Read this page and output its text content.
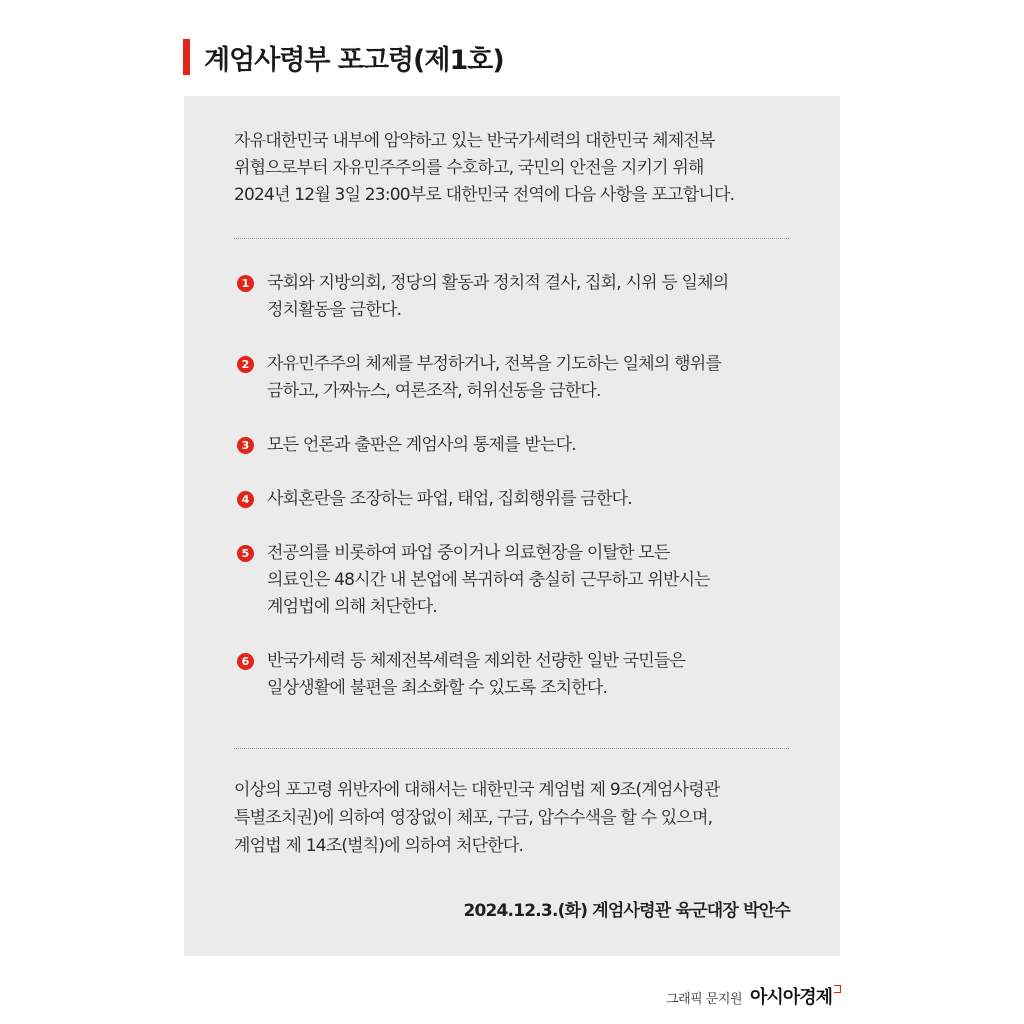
계엄사령부 포고령(제1호)
자유대한민국 내부에 암약하고 있는 반국가세력의 대한민국 체제전복
위협으로부터 자유민주주의를 수호하고, 국민의 안전을 지키기 위해
2024년 12월 3일 23:00부로 대한민국 전역에 다음 사항을 포고합니다.
1 국회와 지방의회, 정당의 활동과 정치적 결사, 집회, 시위 등 일체의
정치활동을 금한다.
2 자유민주주의 체제를 부정하거나, 전복을 기도하는 일체의 행위를
금하고, 가짜뉴스, 여론조작, 허위선동을 금한다.
3 모든 언론과 출판은 계엄사의 통제를 받는다.
4 사회혼란을 조장하는 파업, 태업, 집회행위를 금한다.
5 전공의를 비롯하여 파업 중이거나 의료현장을 이탈한 모든
의료인은 48시간 내 본업에 복귀하여 충실히 근무하고 위반시는
계엄법에 의해 처단한다.
6 반국가세력 등 체제전복세력을 제외한 선량한 일반 국민들은
일상생활에 불편을 최소화할 수 있도록 조치한다.
이상의 포고령 위반자에 대해서는 대한민국 계엄법 제 9조(계엄사령관
특별조치권)에 의하여 영장없이 체포, 구금, 압수수색을 할 수 있으며,
계엄법 제 14조(벌칙)에 의하여 처단한다.
2024.12.3.(화) 계엄사령관 육군대장 박안수
그래픽 문지원 아시아경제
